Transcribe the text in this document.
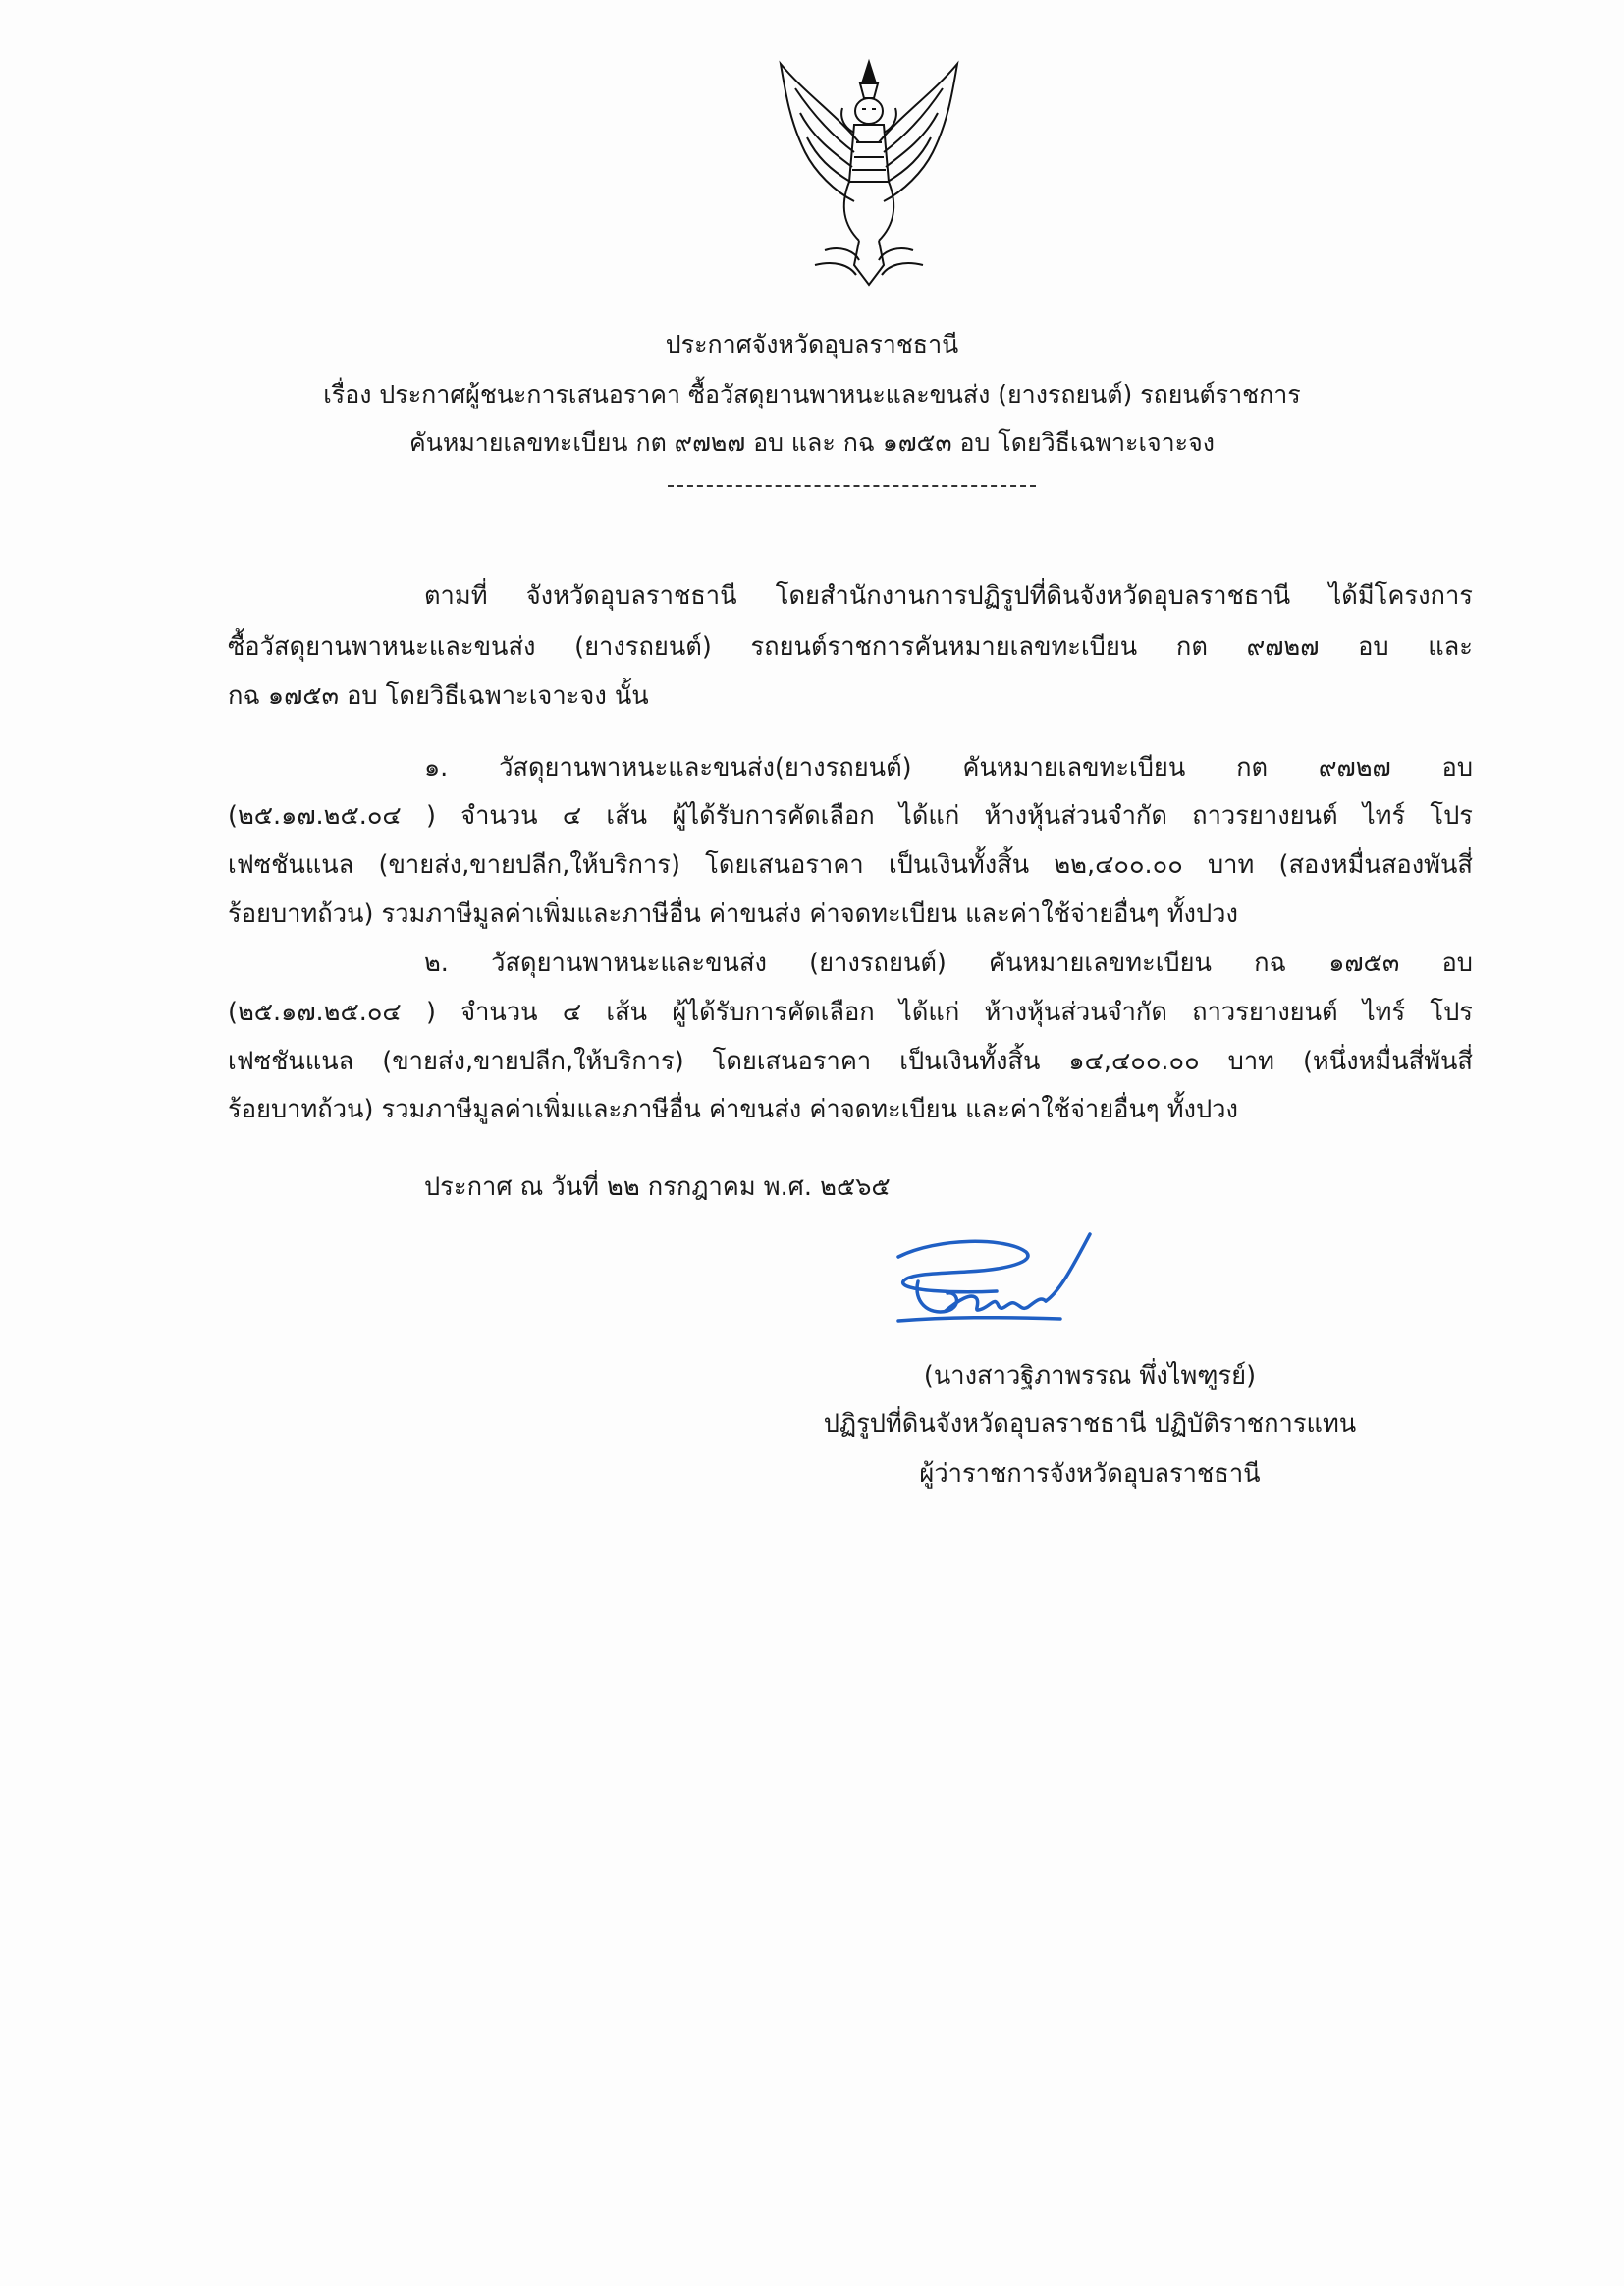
ประกาศจังหวัดอุบลราชธานี
เรื่อง ประกาศผู้ชนะการเสนอราคา ซื้อวัสดุยานพาหนะและขนส่ง (ยางรถยนต์) รถยนต์ราชการ
คันหมายเลขทะเบียน กต ๙๗๒๗ อบ และ กฉ ๑๗๕๓ อบ โดยวิธีเฉพาะเจาะจง
ตามที่ จังหวัดอุบลราชธานี โดยสำนักงานการปฏิรูปที่ดินจังหวัดอุบลราชธานี ได้มีโครงการ
ซื้อวัสดุยานพาหนะและขนส่ง (ยางรถยนต์) รถยนต์ราชการคันหมายเลขทะเบียน กต ๙๗๒๗ อบ และ
กฉ ๑๗๕๓ อบ โดยวิธีเฉพาะเจาะจง นั้น
๑. วัสดุยานพาหนะและขนส่ง(ยางรถยนต์) คันหมายเลขทะเบียน กต ๙๗๒๗ อบ
(๒๕.๑๗.๒๕.๐๔ ) จำนวน ๔ เส้น ผู้ได้รับการคัดเลือก ได้แก่ ห้างหุ้นส่วนจำกัด ถาวรยางยนต์ ไทร์ โปร
เฟซชันแนล (ขายส่ง,ขายปลีก,ให้บริการ) โดยเสนอราคา เป็นเงินทั้งสิ้น ๒๒,๔๐๐.๐๐ บาท (สองหมื่นสองพันสี่
ร้อยบาทถ้วน) รวมภาษีมูลค่าเพิ่มและภาษีอื่น ค่าขนส่ง ค่าจดทะเบียน และค่าใช้จ่ายอื่นๆ ทั้งปวง
๒. วัสดุยานพาหนะและขนส่ง (ยางรถยนต์) คันหมายเลขทะเบียน กฉ ๑๗๕๓ อบ
(๒๕.๑๗.๒๕.๐๔ ) จำนวน ๔ เส้น ผู้ได้รับการคัดเลือก ได้แก่ ห้างหุ้นส่วนจำกัด ถาวรยางยนต์ ไทร์ โปร
เฟซชันแนล (ขายส่ง,ขายปลีก,ให้บริการ) โดยเสนอราคา เป็นเงินทั้งสิ้น ๑๔,๔๐๐.๐๐ บาท (หนึ่งหมื่นสี่พันสี่
ร้อยบาทถ้วน) รวมภาษีมูลค่าเพิ่มและภาษีอื่น ค่าขนส่ง ค่าจดทะเบียน และค่าใช้จ่ายอื่นๆ ทั้งปวง
ประกาศ ณ วันที่ ๒๒ กรกฎาคม พ.ศ. ๒๕๖๕
(นางสาวฐิภาพรรณ พึ่งไพฑูรย์)
ปฏิรูปที่ดินจังหวัดอุบลราชธานี ปฏิบัติราชการแทน
ผู้ว่าราชการจังหวัดอุบลราชธานี
